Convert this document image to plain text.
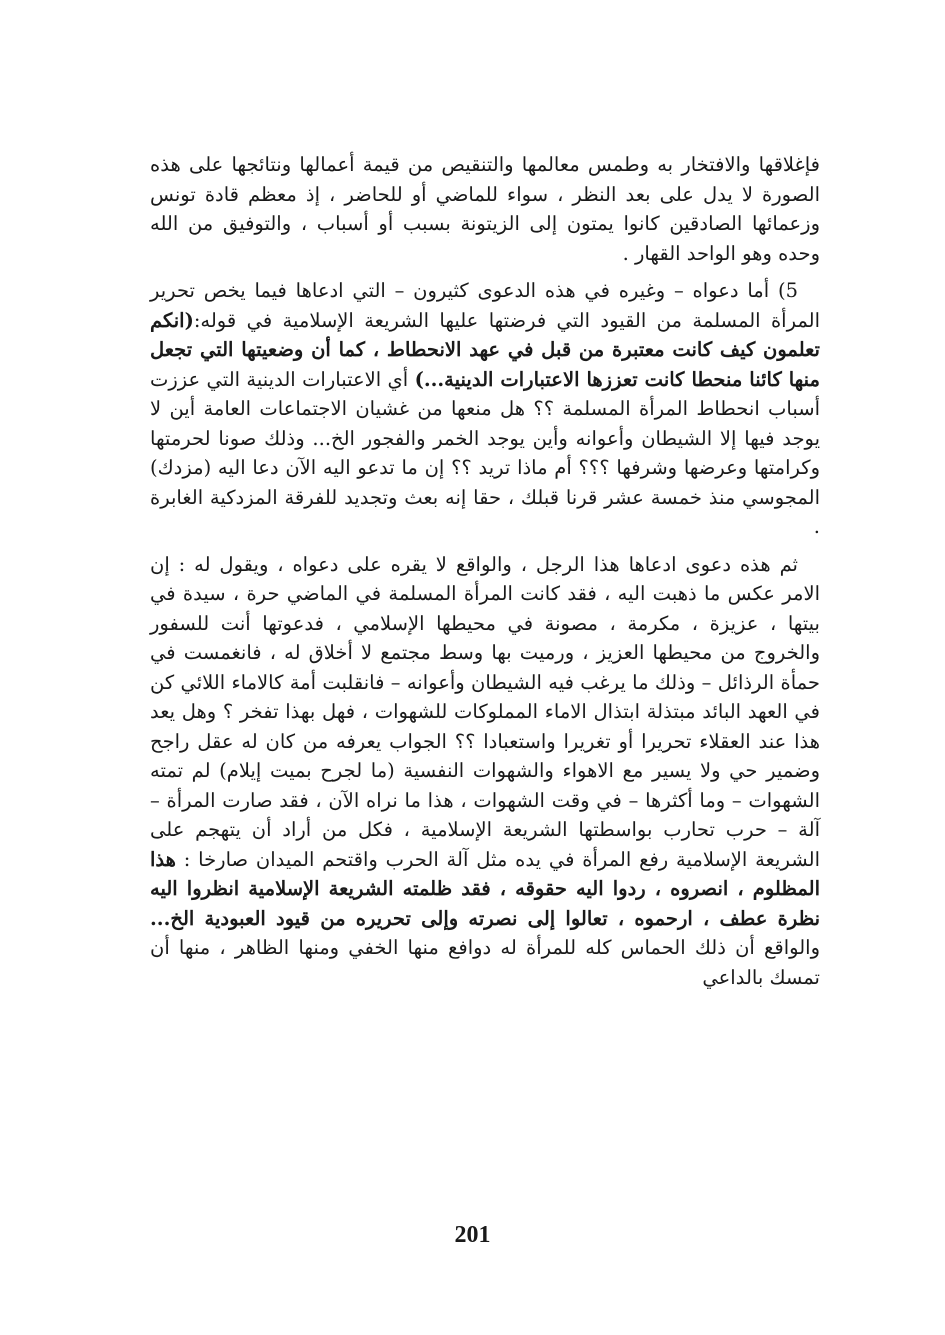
فإغلاقها والافتخار به وطمس معالمها والتنقيص من قيمة أعمالها ونتائجها على هذه الصورة لا يدل على بعد النظر ، سواء للماضي أو للحاضر ، إذ معظم قادة تونس وزعمائها الصادقين كانوا يمتون إلى الزيتونة بسبب أو أسباب ، والتوفيق من الله وحده وهو الواحد القهار .

5) أما دعواه – وغيره في هذه الدعوى كثيرون – التي ادعاها فيما يخص تحرير المرأة المسلمة من القيود التي فرضتها عليها الشريعة الإسلامية في قوله:(انكم تعلمون كيف كانت معتبرة من قبل في عهد الانحطاط ، كما أن وضعيتها التي تجعل منها كائنا منحطا كانت تعززها الاعتبارات الدينية...) أي الاعتبارات الدينية التي عززت أسباب انحطاط المرأة المسلمة ؟؟ هل منعها من غشيان الاجتماعات العامة أين لا يوجد فيها إلا الشيطان وأعوانه وأين يوجد الخمر والفجور الخ... وذلك صونا لحرمتها وكرامتها وعرضها وشرفها ؟؟؟ أم ماذا تريد ؟؟ إن ما تدعو اليه الآن دعا اليه (مزدك) المجوسي منذ خمسة عشر قرنا قبلك ، حقا إنه بعث وتجديد للفرقة المزدكية الغابرة .

ثم هذه دعوى ادعاها هذا الرجل ، والواقع لا يقره على دعواه ، ويقول له : إن الامر عكس ما ذهبت اليه ، فقد كانت المرأة المسلمة في الماضي حرة ، سيدة في بيتها ، عزيزة ، مكرمة ، مصونة في محيطها الإسلامي ، فدعوتها أنت للسفور والخروج من محيطها العزيز ، ورميت بها وسط مجتمع لا أخلاق له ، فانغمست في حمأة الرذائل – وذلك ما يرغب فيه الشيطان وأعوانه – فانقلبت أمة كالاماء اللائي كن في العهد البائد مبتذلة ابتذال الاماء المملوكات للشهوات ، فهل بهذا تفخر ؟ وهل يعد هذا عند العقلاء تحريرا أو تغريرا واستعبادا ؟؟ الجواب يعرفه من كان له عقل راجح وضمير حي ولا يسير مع الاهواء والشهوات النفسية (ما لجرح بميت إيلام) لم تمته الشهوات – وما أكثرها – في وقت الشهوات ، هذا ما نراه الآن ، فقد صارت المرأة – آلة – حرب تحارب بواسطتها الشريعة الإسلامية ، فكل من أراد أن يتهجم على الشريعة الإسلامية رفع المرأة في يده مثل آلة الحرب واقتحم الميدان صارخا : هذا المظلوم ، انصروه ، ردوا اليه حقوقه ، فقد ظلمته الشريعة الإسلامية انظروا اليه نظرة عطف ، ارحموه ، تعالوا إلى نصرته وإلى تحريره من قيود العبودية الخ... والواقع أن ذلك الحماس كله للمرأة له دوافع منها الخفي ومنها الظاهر ، منها أن تمسك بالداعي

201
